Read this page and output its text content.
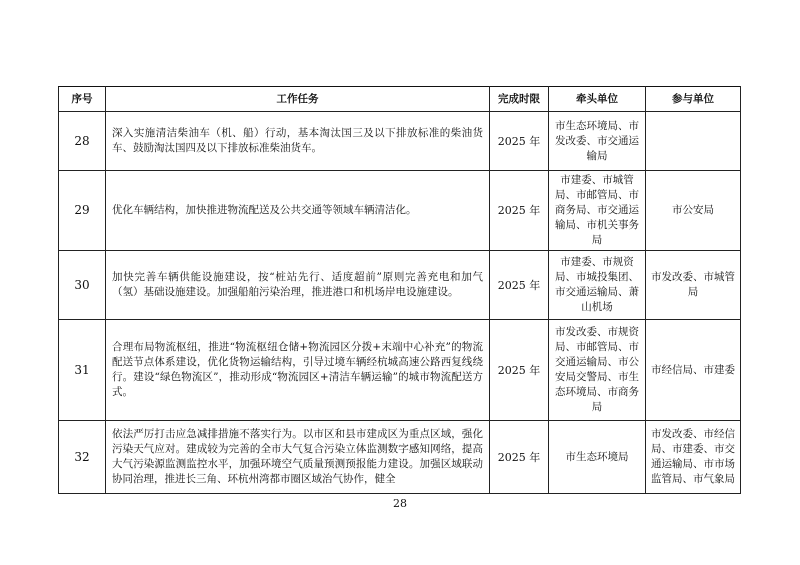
序号	工作任务	完成时限	牵头单位	参与单位
28	深入实施清洁柴油车（机、船）行动，基本淘汰国三及以下排放标准的柴油货车、鼓励淘汰国四及以下排放标准柴油货车。	2025 年	市生态环境局、市发改委、市交通运输局	
29	优化车辆结构，加快推进物流配送及公共交通等领域车辆清洁化。	2025 年	市建委、市城管局、市邮管局、市商务局、市交通运输局、市机关事务局	市公安局
30	加快完善车辆供能设施建设，按“桩站先行、适度超前”原则完善充电和加气（氢）基础设施建设。加强船舶污染治理，推进港口和机场岸电设施建设。	2025 年	市建委、市规资局、市城投集团、市交通运输局、萧山机场	市发改委、市城管局
31	合理布局物流枢纽，推进“物流枢纽仓储+物流园区分拨+末端中心补充”的物流配送节点体系建设，优化货物运输结构，引导过境车辆经杭城高速公路西复线绕行。建设“绿色物流区”，推动形成“物流园区+清洁车辆运输”的城市物流配送方式。	2025 年	市发改委、市规资局、市邮管局、市交通运输局、市公安局交警局、市生态环境局、市商务局	市经信局、市建委
32	依法严厉打击应急减排措施不落实行为。以市区和县市建成区为重点区域，强化污染天气应对。建成较为完善的全市大气复合污染立体监测数字感知网络，提高大气污染源监测监控水平，加强环境空气质量预测预报能力建设。加强区域联动协同治理，推进长三角、环杭州湾都市圈区域治气协作，健全	2025 年	市生态环境局	市发改委、市经信局、市建委、市交通运输局、市市场监管局、市气象局
28
